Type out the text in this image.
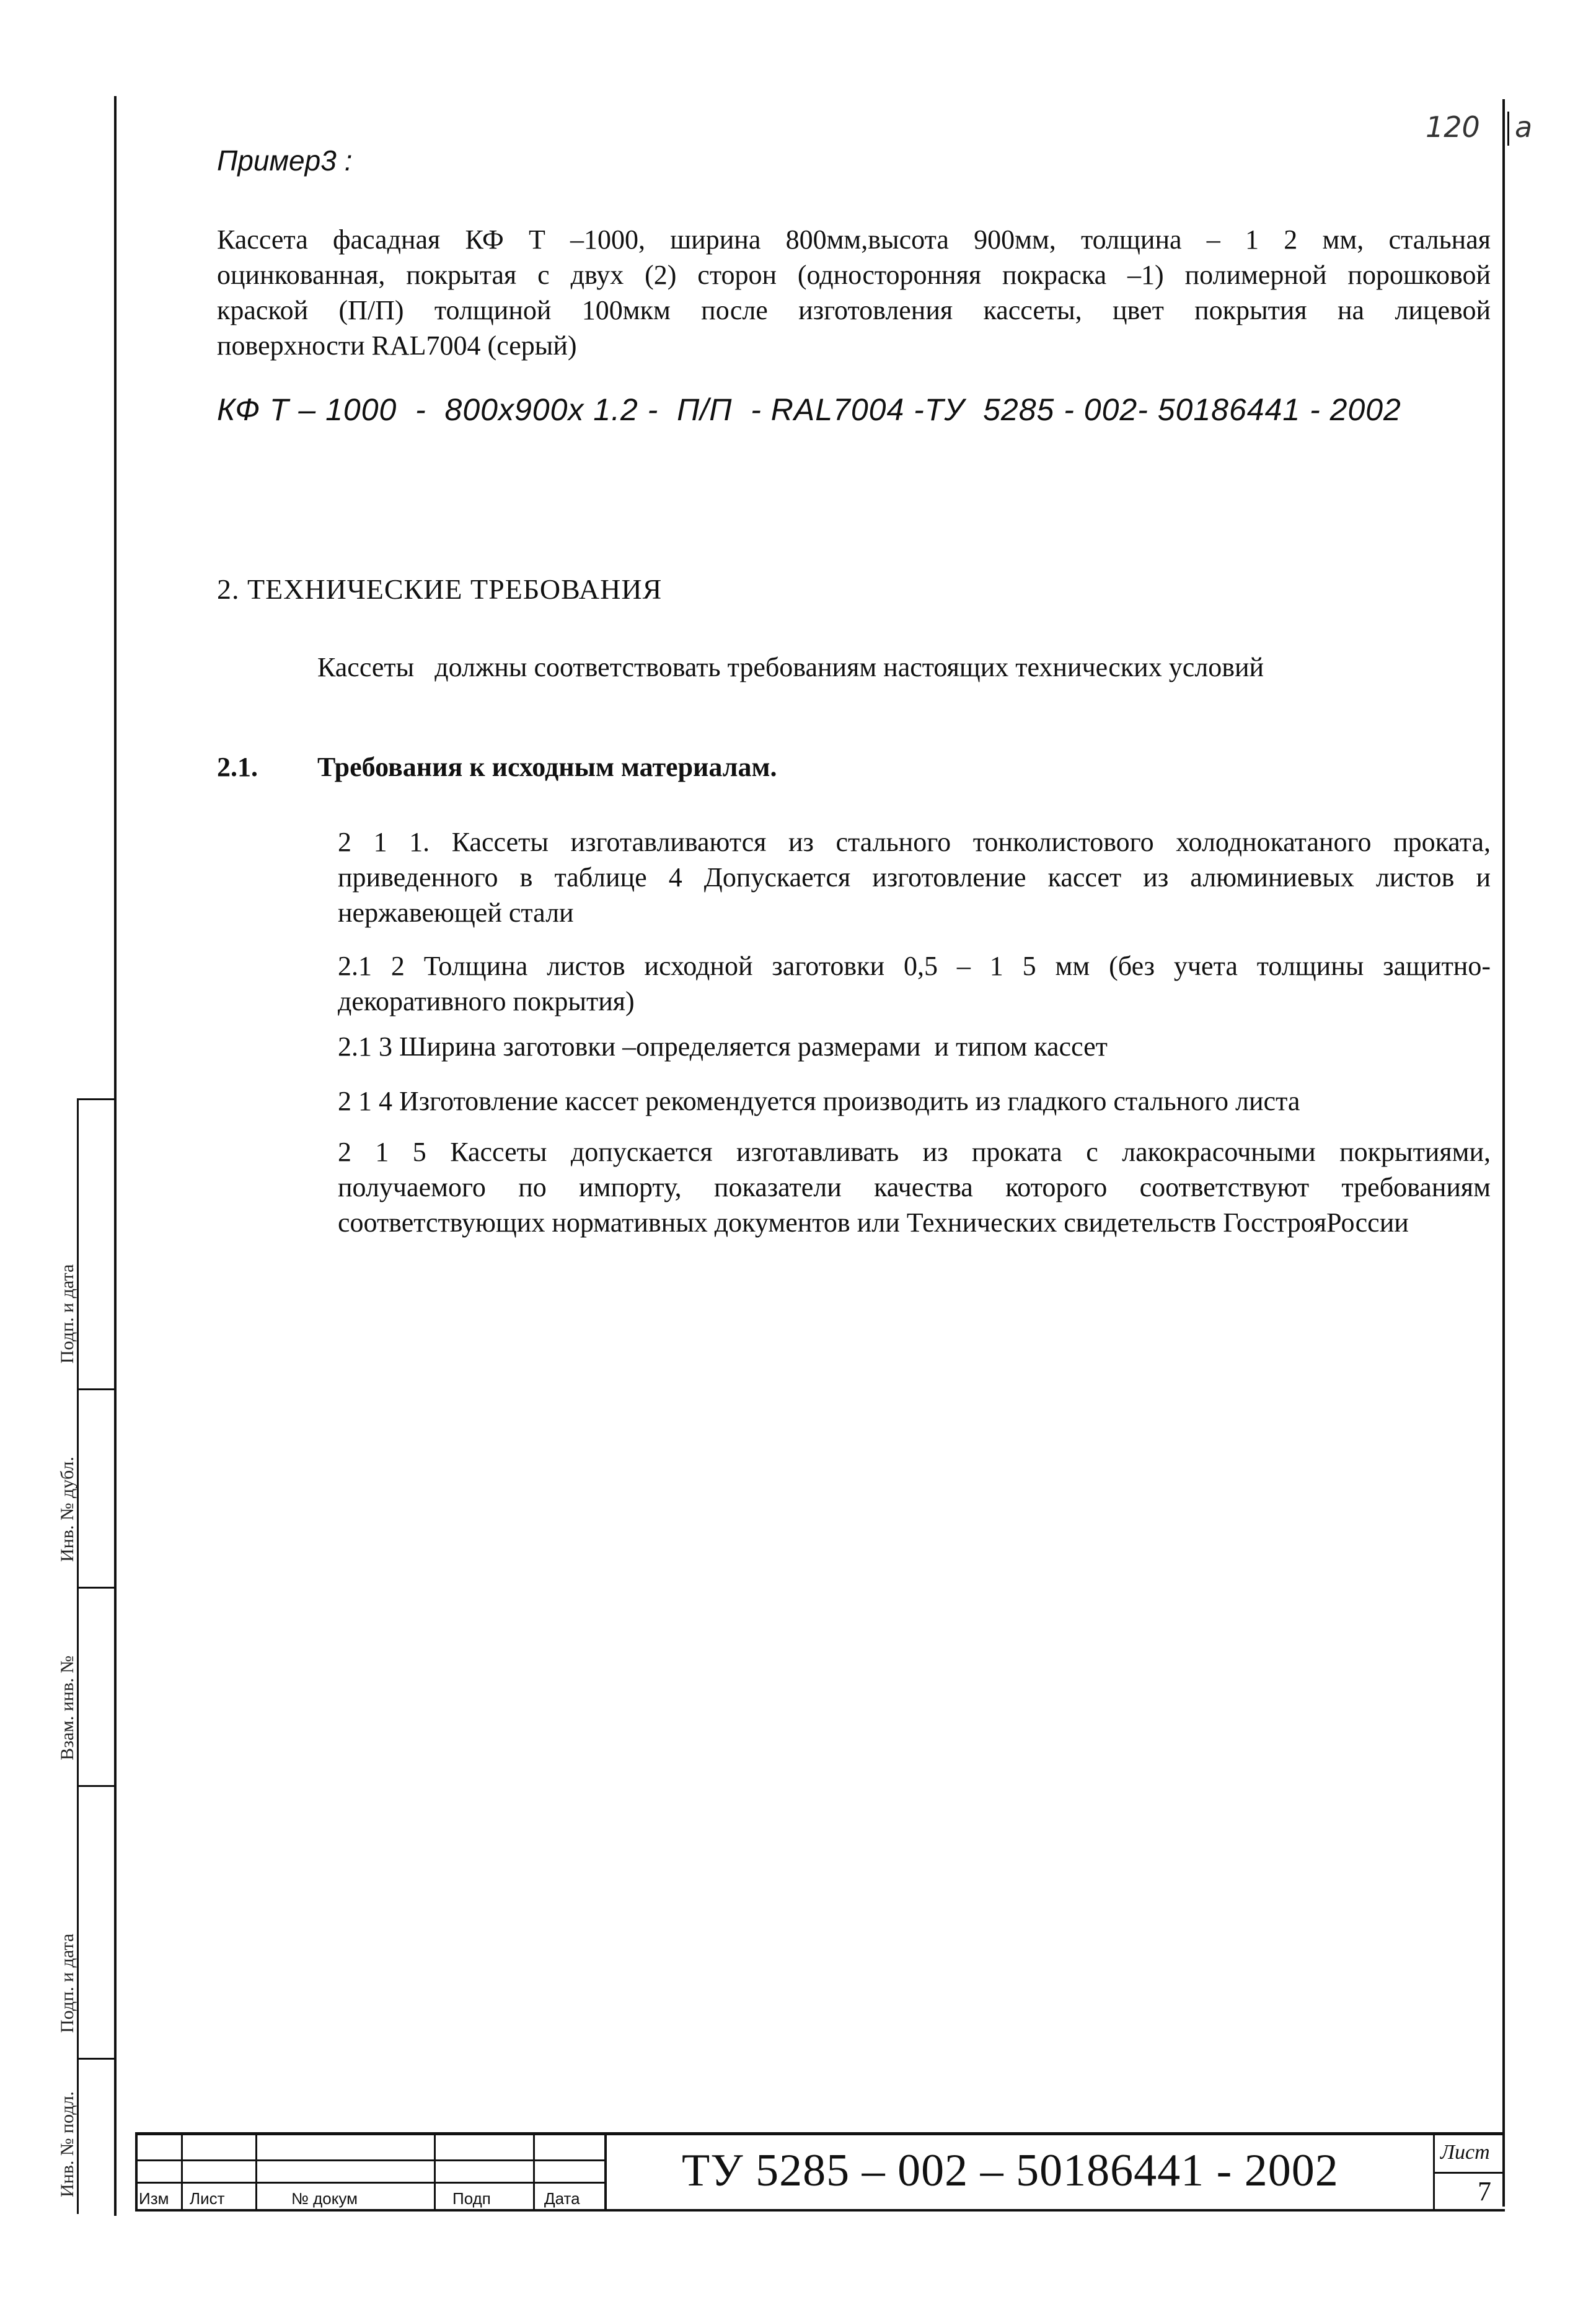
120 a
Пример3 :
Кассета фасадная КФ Т –1000, ширина 800мм,высота 900мм, толщина – 1 2 мм, стальная
оцинкованная, покрытая с двух (2) сторон (односторонняя покраска –1) полимерной порошковой
краской (П/П) толщиной 100мкм после изготовления кассеты, цвет покрытия на лицевой
поверхности RAL7004 (серый)
КФ Т – 1000  -  800х900х 1.2 -  П/П  - RAL7004 -ТУ  5285 - 002- 50186441 - 2002
2. ТЕХНИЧЕСКИЕ ТРЕБОВАНИЯ
Кассеты   должны соответствовать требованиям настоящих технических условий
2.1. Требования к исходным материалам.
2 1 1. Кассеты изготавливаются из стального тонколистового холоднокатаного проката,
приведенного в таблице 4 Допускается изготовление кассет из алюминиевых листов и
нержавеющей стали
2.1 2 Толщина листов исходной заготовки 0,5 – 1 5 мм (без учета толщины защитно-
декоративного покрытия)
2.1 3 Ширина заготовки –определяется размерами  и типом кассет
2 1 4 Изготовление кассет рекомендуется производить из гладкого стального листа
2 1 5 Кассеты допускается изготавливать из проката с лакокрасочными покрытиями,
получаемого по импорту, показатели качества которого соответствуют требованиям
соответствующих нормативных документов или Технических свидетельств ГосстрояРоссии
Инв. № подл.
Подп. и дата
Взам. инв. №
Инв. № дубл.
Подп. и дата
Изм Лист	№ докум	Подп	Дата
ТУ 5285 – 002 – 50186441 - 2002	Лист
7
